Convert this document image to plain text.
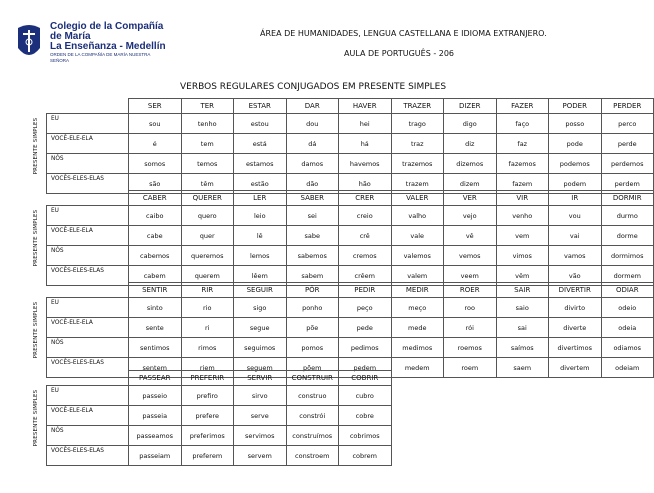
Colegio de la Compañía de María
La Enseñanza - Medellín
ORDEN DE LA COMPAÑÍA DE MARÍA NUESTRA SEÑORA
ÁREA DE HUMANIDADES, LENGUA CASTELLANA E IDIOMA EXTRANJERO.
AULA DE PORTUGUÊS - 206
VERBOS REGULARES CONJUGADOS EM PRESENTE SIMPLES
PRESENTE SIMPLES
	SER	TER	ESTAR	DAR	HAVER	TRAZER	DIZER	FAZER	PODER	PERDER
EU	sou	tenho	estou	dou	hei	trago	digo	faço	posso	perco
VOCÊ-ELE-ELA	é	tem	está	dá	há	traz	diz	faz	pode	perde
NÓS	somos	temos	estamos	damos	havemos	trazemos	dizemos	fazemos	podemos	perdemos
VOCÊS-ELES-ELAS	são	têm	estão	dão	hão	trazem	dizem	fazem	podem	perdem
PRESENTE SIMPLES
	CABER	QUERER	LER	SABER	CRER	VALER	VER	VIR	IR	DORMIR
EU	caibo	quero	leio	sei	creio	valho	vejo	venho	vou	durmo
VOCÊ-ELE-ELA	cabe	quer	lê	sabe	crê	vale	vê	vem	vai	dorme
NÓS	cabemos	queremos	lemos	sabemos	cremos	valemos	vemos	vimos	vamos	dormimos
VOCÊS-ELES-ELAS	cabem	querem	lêem	sabem	crêem	valem	veem	vêm	vão	dormem
PRESENTE SIMPLES
	SENTIR	RIR	SEGUIR	PÔR	PEDIR	MEDIR	ROER	SAIR	DIVERTIR	ODIAR
EU	sinto	rio	sigo	ponho	peço	meço	roo	saio	divirto	odeio
VOCÊ-ELE-ELA	sente	ri	segue	põe	pede	mede	rói	sai	diverte	odeia
NÓS	sentimos	rimos	seguimos	pomos	pedimos	medimos	roemos	saímos	divertimos	odiamos
VOCÊS-ELES-ELAS	sentem	riem	seguem	põem	pedem	medem	roem	saem	divertem	odeiam
PRESENTE SIMPLES
	PASSEAR	PREFERIR	SERVIR	CONSTRUIR	COBRIR					
EU	passeio	prefiro	sirvo	construo	cubro					
VOCÊ-ELE-ELA	passeia	prefere	serve	constrói	cobre					
NÓS	passeamos	preferimos	servimos	construímos	cobrimos					
VOCÊS-ELES-ELAS	passeiam	preferem	servem	constroem	cobrem					
